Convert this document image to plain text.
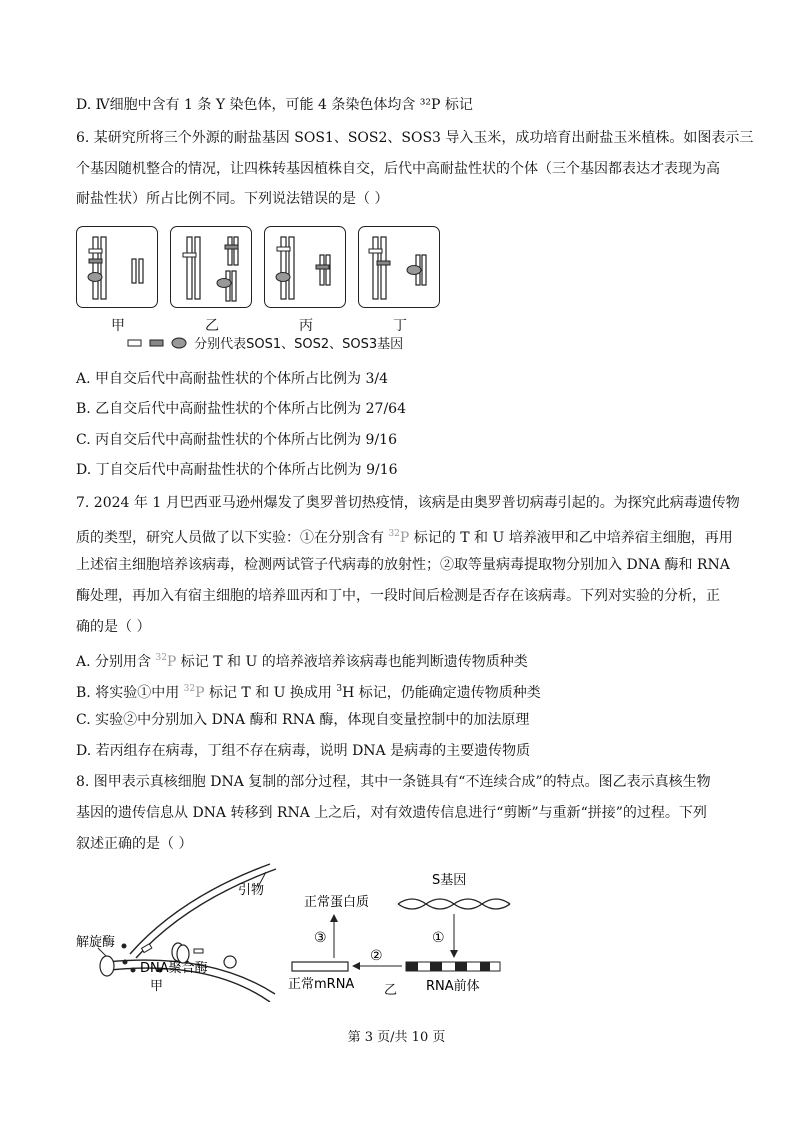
D. Ⅳ细胞中含有 1 条 Y 染色体，可能 4 条染色体均含 ³²P 标记
6. 某研究所将三个外源的耐盐基因 SOS1、SOS2、SOS3 导入玉米，成功培育出耐盐玉米植株。如图表示三
个基因随机整合的情况，让四株转基因植株自交，后代中高耐盐性状的个体（三个基因都表达才表现为高
耐盐性状）所占比例不同。下列说法错误的是（ ）
甲	乙	丙	丁
分别代表SOS1、SOS2、SOS3基因
A. 甲自交后代中高耐盐性状的个体所占比例为 3/4
B. 乙自交后代中高耐盐性状的个体所占比例为 27/64
C. 丙自交后代中高耐盐性状的个体所占比例为 9/16
D. 丁自交后代中高耐盐性状的个体所占比例为 9/16
7. 2024 年 1 月巴西亚马逊州爆发了奥罗普切热疫情，该病是由奥罗普切病毒引起的。为探究此病毒遗传物
质的类型，研究人员做了以下实验：①在分别含有 $^{32}$P 标记的 T 和 U 培养液甲和乙中培养宿主细胞，再用
上述宿主细胞培养该病毒，检测两试管子代病毒的放射性；②取等量病毒提取物分别加入 DNA 酶和 RNA
酶处理，再加入有宿主细胞的培养皿丙和丁中，一段时间后检测是否存在该病毒。下列对实验的分析，正
确的是（ ）
A. 分别用含 $^{32}$P 标记 T 和 U 的培养液培养该病毒也能判断遗传物质种类
B. 将实验①中用 $^{32}$P 标记 T 和 U 换成用 $^3$H 标记，仍能确定遗传物质种类
C. 实验②中分别加入 DNA 酶和 RNA 酶，体现自变量控制中的加法原理
D. 若丙组存在病毒，丁组不存在病毒，说明 DNA 是病毒的主要遗传物质
8. 图甲表示真核细胞 DNA 复制的部分过程，其中一条链具有“不连续合成”的特点。图乙表示真核生物
基因的遗传信息从 DNA 转移到 RNA 上之后，对有效遗传信息进行“剪断”与重新“拼接”的过程。下列
叙述正确的是（ ）
引物
解旋酶
DNA聚合酶
甲
S基因
①
RNA前体
②
正常mRNA 乙
③
正常蛋白质
第 3 页/共 10 页
